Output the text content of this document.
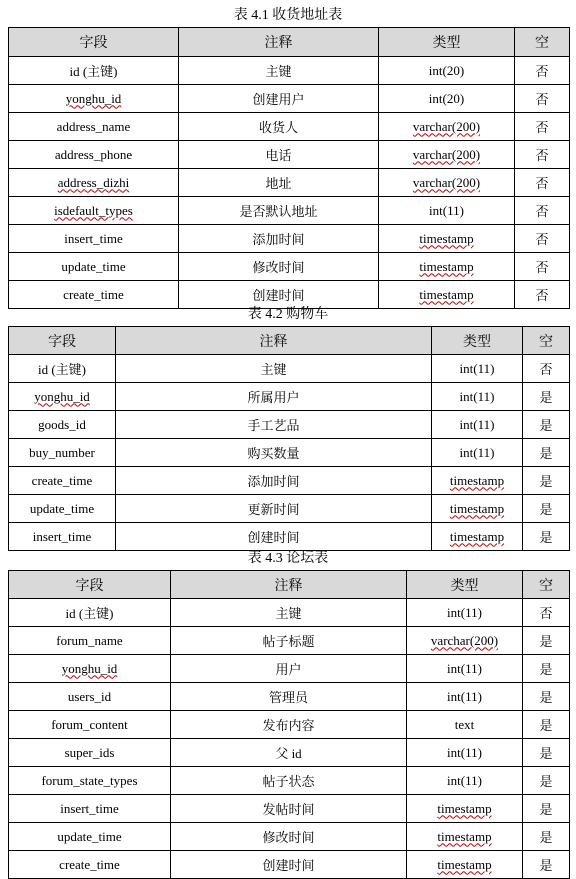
表 4.1 收货地址表
字段	注释	类型	空
id (主键)	主键	int(20)	否
yonghu_id	创建用户	int(20)	否
address_name	收货人	varchar(200)	否
address_phone	电话	varchar(200)	否
address_dizhi	地址	varchar(200)	否
isdefault_types	是否默认地址	int(11)	否
insert_time	添加时间	timestamp	否
update_time	修改时间	timestamp	否
create_time	创建时间	timestamp	否
表 4.2 购物车
字段	注释	类型	空
id (主键)	主键	int(11)	否
yonghu_id	所属用户	int(11)	是
goods_id	手工艺品	int(11)	是
buy_number	购买数量	int(11)	是
create_time	添加时间	timestamp	是
update_time	更新时间	timestamp	是
insert_time	创建时间	timestamp	是
表 4.3 论坛表
字段	注释	类型	空
id (主键)	主键	int(11)	否
forum_name	帖子标题	varchar(200)	是
yonghu_id	用户	int(11)	是
users_id	管理员	int(11)	是
forum_content	发布内容	text	是
super_ids	父 id	int(11)	是
forum_state_types	帖子状态	int(11)	是
insert_time	发帖时间	timestamp	是
update_time	修改时间	timestamp	是
create_time	创建时间	timestamp	是
